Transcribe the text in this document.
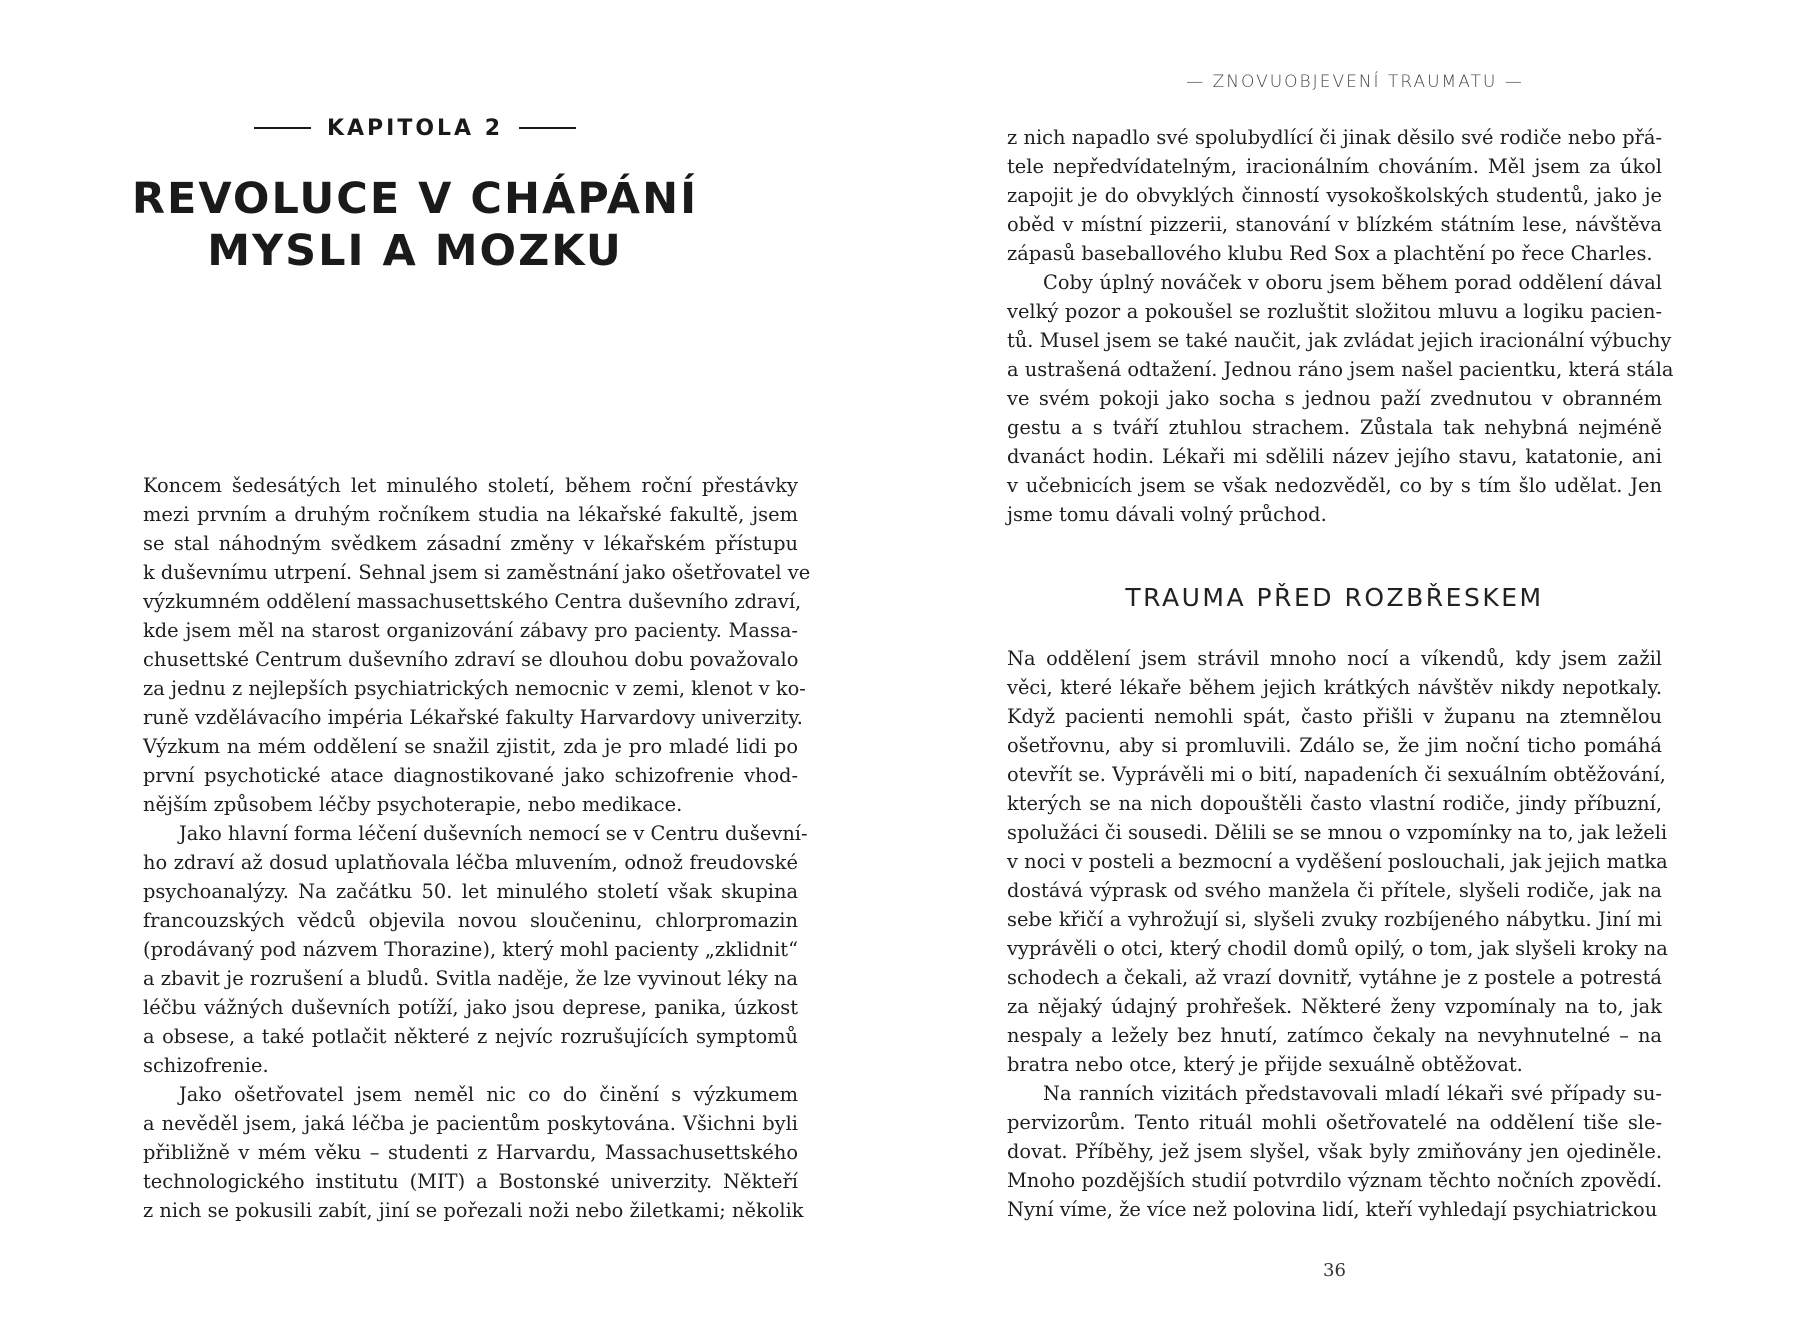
KAPITOLA 2
REVOLUCE V CHÁPÁNÍ
MYSLI A MOZKU
Koncem šedesátých let minulého století, během roční přestávky
mezi prvním a druhým ročníkem studia na lékařské fakultě, jsem
se stal náhodným svědkem zásadní změny v lékařském přístupu
k duševnímu utrpení. Sehnal jsem si zaměstnání jako ošetřovatel ve
výzkumném oddělení massachusettského Centra duševního zdraví,
kde jsem měl na starost organizování zábavy pro pacienty. Massa-
chusettské Centrum duševního zdraví se dlouhou dobu považovalo
za jednu z nejlepších psychiatrických nemocnic v zemi, klenot v ko-
runě vzdělávacího impéria Lékařské fakulty Harvardovy univerzity.
Výzkum na mém oddělení se snažil zjistit, zda je pro mladé lidi po
první psychotické atace diagnostikované jako schizofrenie vhod-
nějším způsobem léčby psychoterapie, nebo medikace.
Jako hlavní forma léčení duševních nemocí se v Centru duševní-
ho zdraví až dosud uplatňovala léčba mluvením, odnož freudovské
psychoanalýzy. Na začátku 50. let minulého století však skupina
francouzských vědců objevila novou sloučeninu, chlorpromazin
(prodávaný pod názvem Thorazine), který mohl pacienty „zklidnit“
a zbavit je rozrušení a bludů. Svitla naděje, že lze vyvinout léky na
léčbu vážných duševních potíží, jako jsou deprese, panika, úzkost
a obsese, a také potlačit některé z nejvíc rozrušujících symptomů
schizofrenie.
Jako ošetřovatel jsem neměl nic co do činění s výzkumem
a nevěděl jsem, jaká léčba je pacientům poskytována. Všichni byli
přibližně v mém věku – studenti z Harvardu, Massachusettského
technologického institutu (MIT) a Bostonské univerzity. Někteří
z nich se pokusili zabít, jiní se pořezali noži nebo žiletkami; několik
— ZNOVUOBJEVENÍ TRAUMATU —
z nich napadlo své spolubydlící či jinak děsilo své rodiče nebo přá-
tele nepředvídatelným, iracionálním chováním. Měl jsem za úkol
zapojit je do obvyklých činností vysokoškolských studentů, jako je
oběd v místní pizzerii, stanování v blízkém státním lese, návštěva
zápasů baseballového klubu Red Sox a plachtění po řece Charles.
Coby úplný nováček v oboru jsem během porad oddělení dával
velký pozor a pokoušel se rozluštit složitou mluvu a logiku pacien-
tů. Musel jsem se také naučit, jak zvládat jejich iracionální výbuchy
a ustrašená odtažení. Jednou ráno jsem našel pacientku, která stála
ve svém pokoji jako socha s jednou paží zvednutou v obranném
gestu a s tváří ztuhlou strachem. Zůstala tak nehybná nejméně
dvanáct hodin. Lékaři mi sdělili název jejího stavu, katatonie, ani
v učebnicích jsem se však nedozvěděl, co by s tím šlo udělat. Jen
jsme tomu dávali volný průchod.
TRAUMA PŘED ROZBŘESKEM
Na oddělení jsem strávil mnoho nocí a víkendů, kdy jsem zažil
věci, které lékaře během jejich krátkých návštěv nikdy nepotkaly.
Když pacienti nemohli spát, často přišli v županu na ztemnělou
ošetřovnu, aby si promluvili. Zdálo se, že jim noční ticho pomáhá
otevřít se. Vyprávěli mi o bití, napadeních či sexuálním obtěžování,
kterých se na nich dopouštěli často vlastní rodiče, jindy příbuzní,
spolužáci či sousedi. Dělili se se mnou o vzpomínky na to, jak leželi
v noci v posteli a bezmocní a vyděšení poslouchali, jak jejich matka
dostává výprask od svého manžela či přítele, slyšeli rodiče, jak na
sebe křičí a vyhrožují si, slyšeli zvuky rozbíjeného nábytku. Jiní mi
vyprávěli o otci, který chodil domů opilý, o tom, jak slyšeli kroky na
schodech a čekali, až vrazí dovnitř, vytáhne je z postele a potrestá
za nějaký údajný prohřešek. Některé ženy vzpomínaly na to, jak
nespaly a ležely bez hnutí, zatímco čekaly na nevyhnutelné – na
bratra nebo otce, který je přijde sexuálně obtěžovat.
Na ranních vizitách představovali mladí lékaři své případy su-
pervizorům. Tento rituál mohli ošetřovatelé na oddělení tiše sle-
dovat. Příběhy, jež jsem slyšel, však byly zmiňovány jen ojediněle.
Mnoho pozdějších studií potvrdilo význam těchto nočních zpovědí.
Nyní víme, že více než polovina lidí, kteří vyhledají psychiatrickou
36
